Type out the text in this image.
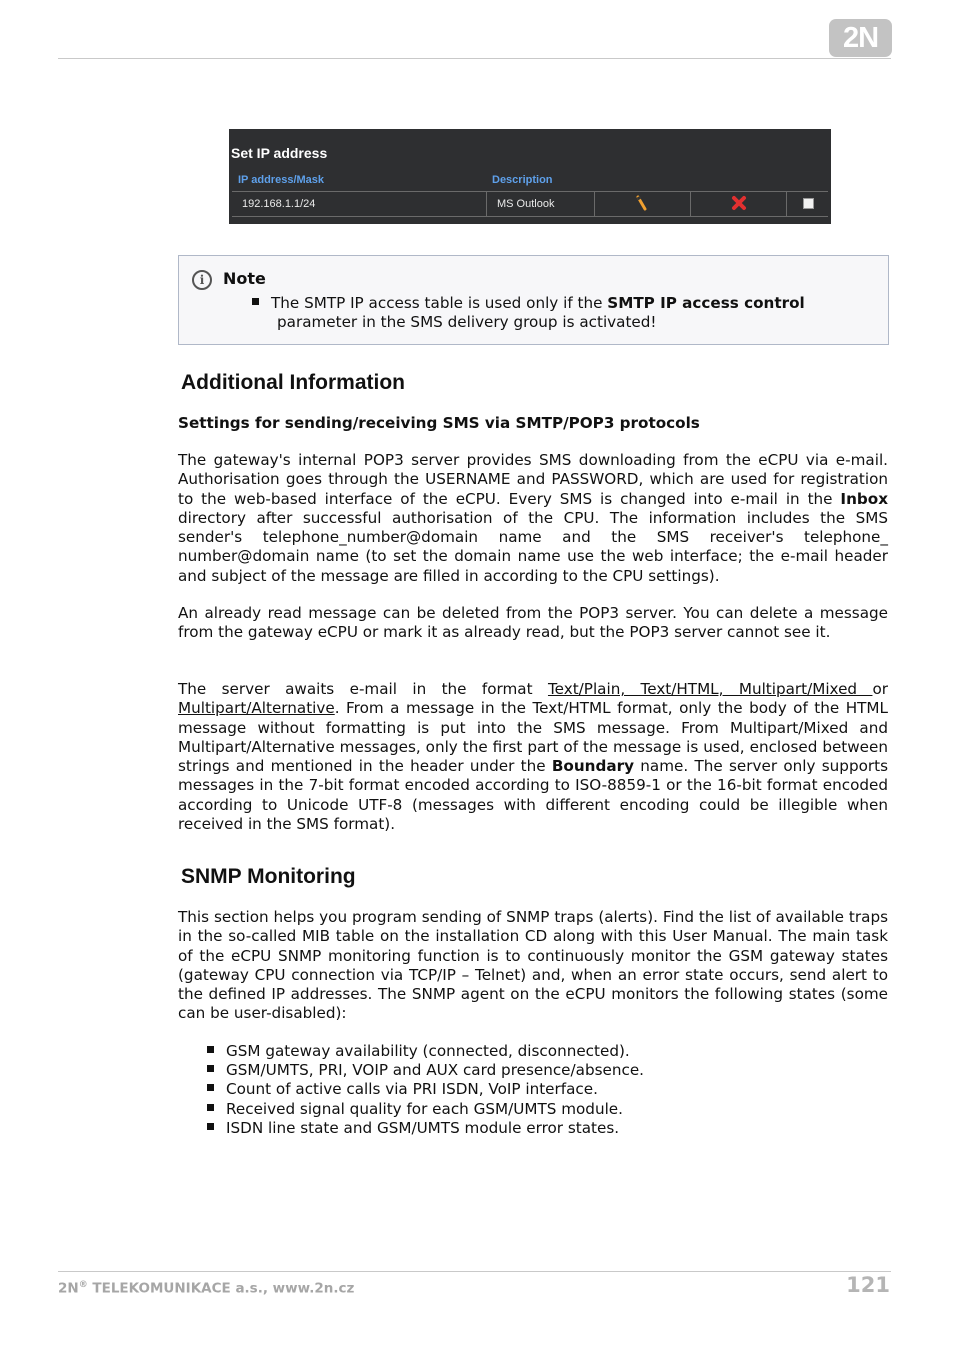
2N
Set IP address
IP address/Mask	Description
192.168.1.1/24	MS Outlook
i	Note
The SMTP IP access table is used only if the SMTP IP access control
parameter in the SMS delivery group is activated!
Additional Information
Settings for sending/receiving SMS via SMTP/POP3 protocols
The gateway's internal POP3 server provides SMS downloading from the eCPU via e-mail. Authorisation goes through the USERNAME and PASSWORD, which are used for registration to the web-based interface of the eCPU. Every SMS is changed into e-mail in the Inbox directory after successful authorisation of the CPU. The information includes the SMS sender's telephone_number@domain name and the SMS receiver's telephone_ number@domain name (to set the domain name use the web interface; the e-mail header and subject of the message are filled in according to the CPU settings).
An already read message can be deleted from the POP3 server. You can delete a message from the gateway eCPU or mark it as already read, but the POP3 server cannot see it.
The server awaits e-mail in the format Text/Plain, Text/HTML, Multipart/Mixed or Multipart/Alternative. From a message in the Text/HTML format, only the body of the HTML message without formatting is put into the SMS message. From Multipart/Mixed and Multipart/Alternative messages, only the first part of the message is used, enclosed between strings and mentioned in the header under the Boundary name. The server only supports messages in the 7-bit format encoded according to ISO-8859-1 or the 16-bit format encoded according to Unicode UTF-8 (messages with different encoding could be illegible when received in the SMS format).
SNMP Monitoring
This section helps you program sending of SNMP traps (alerts). Find the list of available traps in the so-called MIB table on the installation CD along with this User Manual. The main task of the eCPU SNMP monitoring function is to continuously monitor the GSM gateway states (gateway CPU connection via TCP/IP – Telnet) and, when an error state occurs, send alert to the defined IP addresses. The SNMP agent on the eCPU monitors the following states (some can be user-disabled):
GSM gateway availability (connected, disconnected).
GSM/UMTS, PRI, VOIP and AUX card presence/absence.
Count of active calls via PRI ISDN, VoIP interface.
Received signal quality for each GSM/UMTS module.
ISDN line state and GSM/UMTS module error states.
2N® TELEKOMUNIKACE a.s., www.2n.cz	121
